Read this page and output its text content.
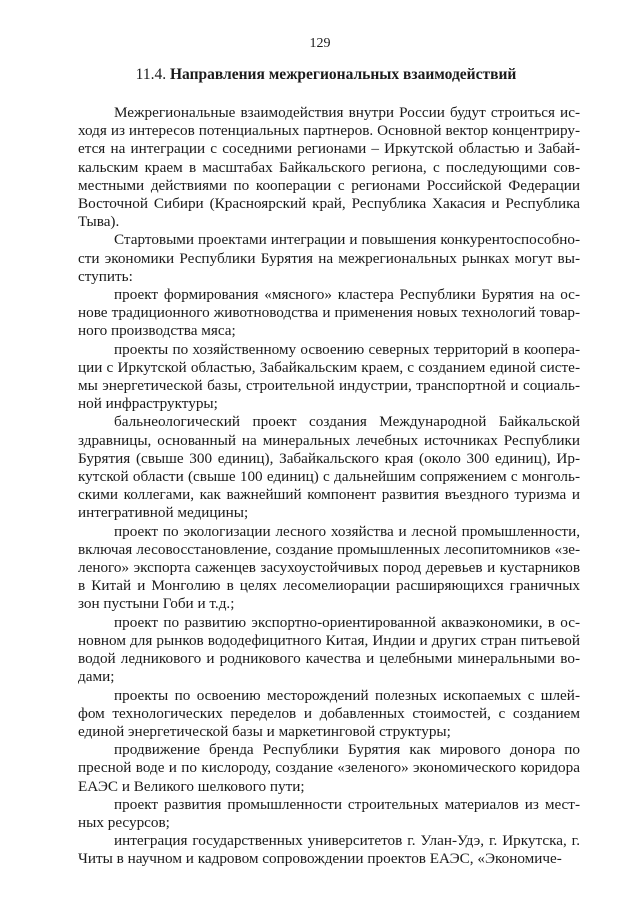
129
11.4. Направления межрегиональных взаимодействий

Межрегиональные взаимодействия внутри России будут строиться исходя из интересов потенциальных партнеров. Основной вектор концентрируется на интеграции с соседними регионами – Иркутской областью и Забайкальским краем в масштабах Байкальского региона, с последующими совместными действиями по кооперации с регионами Российской Федерации Восточной Сибири (Красноярский край, Республика Хакасия и Республика Тыва).

Стартовыми проектами интеграции и повышения конкурентоспособности экономики Республики Бурятия на межрегиональных рынках могут выступить:

проект формирования «мясного» кластера Республики Бурятия на основе традиционного животноводства и применения новых технологий товарного производства мяса;

проекты по хозяйственному освоению северных территорий в кооперации с Иркутской областью, Забайкальским краем, с созданием единой системы энергетической базы, строительной индустрии, транспортной и социальной инфраструктуры;

бальнеологический проект создания Международной Байкальской здравницы, основанный на минеральных лечебных источниках Республики Бурятия (свыше 300 единиц), Забайкальского края (около 300 единиц), Иркутской области (свыше 100 единиц) с дальнейшим сопряжением с монгольскими коллегами, как важнейший компонент развития въездного туризма и интегративной медицины;

проект по экологизации лесного хозяйства и лесной промышленности, включая лесовосстановление, создание промышленных лесопитомников «зеленого» экспорта саженцев засухоустойчивых пород деревьев и кустарников в Китай и Монголию в целях лесомелиорации расширяющихся граничных зон пустыни Гоби и т.д.;

проект по развитию экспортно-ориентированной аквaэкономики, в основном для рынков вододефицитного Китая, Индии и других стран питьевой водой ледникового и родникового качества и целебными минеральными водами;

проекты по освоению месторождений полезных ископаемых с шлейфом технологических переделов и добавленных стоимостей, с созданием единой энергетической базы и маркетинговой структуры;

продвижение бренда Республики Бурятия как мирового донора по пресной воде и по кислороду, создание «зеленого» экономического коридора ЕАЭС и Великого шелкового пути;

проект развития промышленности строительных материалов из местных ресурсов;

интеграция государственных университетов г. Улан-Удэ, г. Иркутска, г. Читы в научном и кадровом сопровождении проектов ЕАЭС, «Экономиче-
